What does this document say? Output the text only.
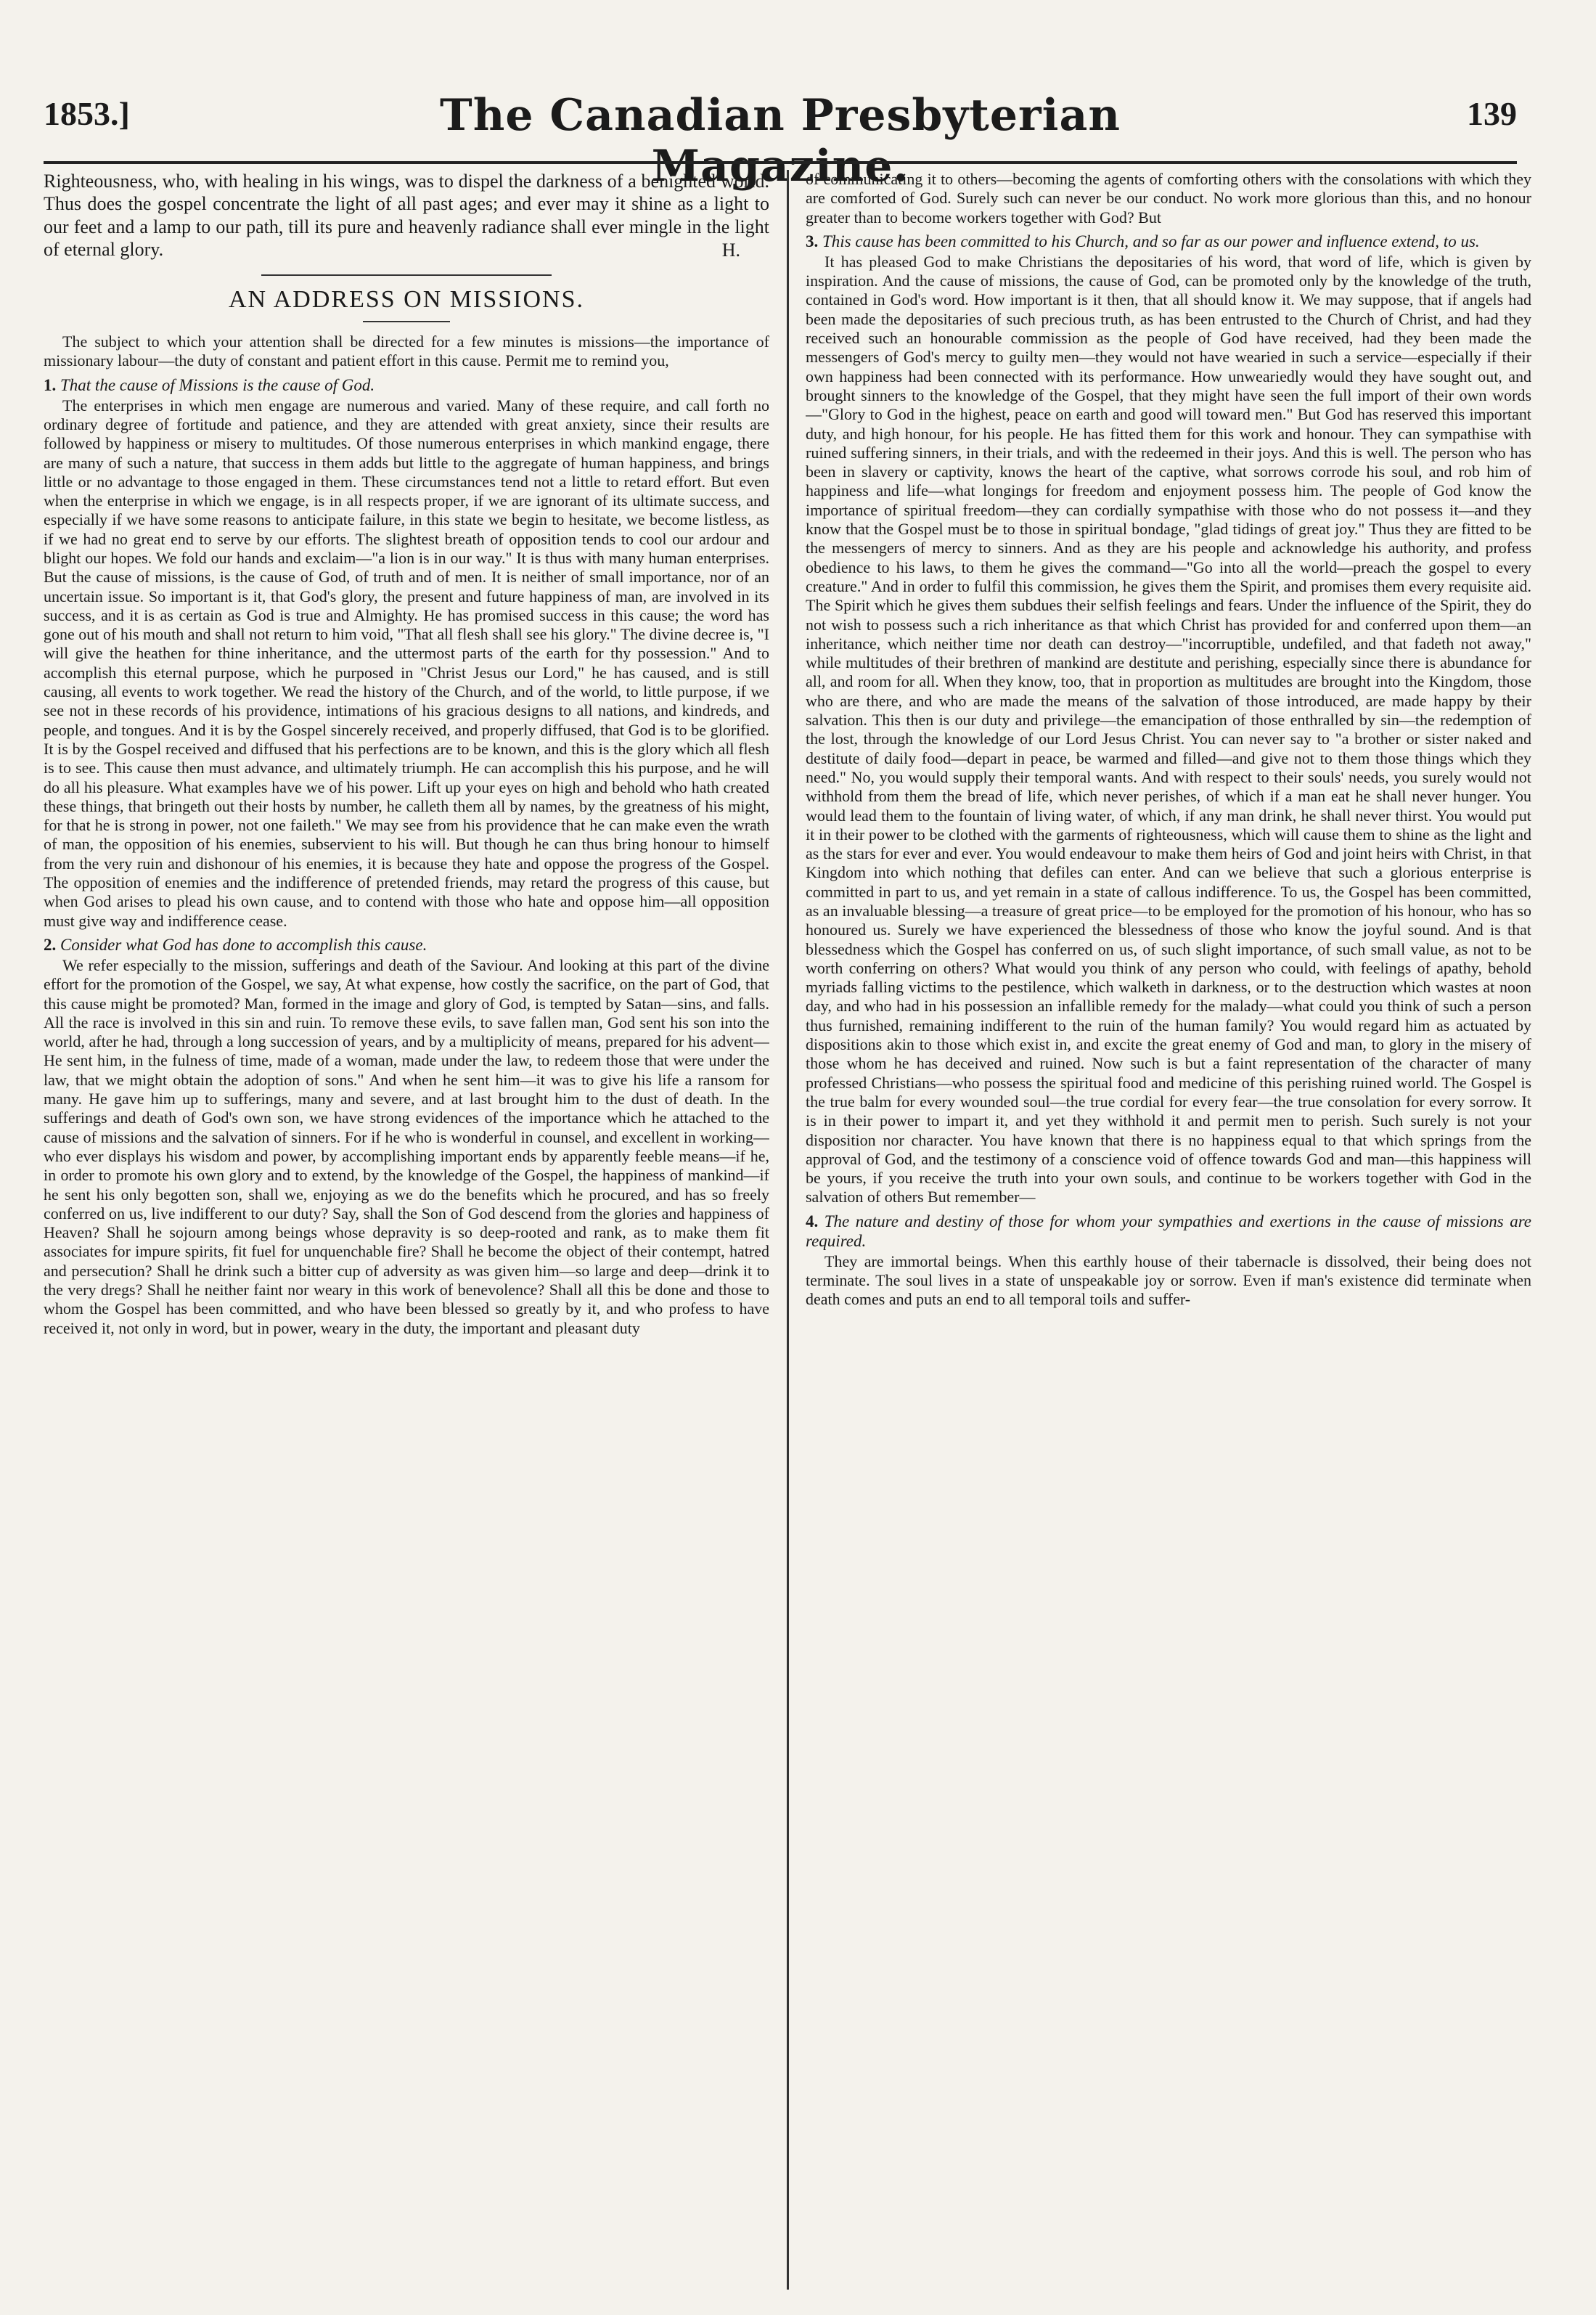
1853.]	The Canadian Presbyterian Magazine.
139

Righteousness, who, with healing in his wings, was to dispel the darkness of a benighted world. Thus does the gospel concentrate the light of all past ages; and ever may it shine as a light to our feet and a lamp to our path, till its pure and heavenly radiance shall ever mingle in the light of eternal glory.	H.

AN ADDRESS ON MISSIONS.

The subject to which your attention shall be directed for a few minutes is missions—the importance of missionary labour—the duty of constant and patient effort in this cause. Permit me to remind you,

1. That the cause of Missions is the cause of God.

The enterprises in which men engage are numerous and varied. Many of these require, and call forth no ordinary degree of fortitude and patience, and they are attended with great anxiety, since their results are followed by happiness or misery to multitudes. Of those numerous enterprises in which mankind engage, there are many of such a nature, that success in them adds but little to the aggregate of human happiness, and brings little or no advantage to those engaged in them. These circumstances tend not a little to retard effort. But even when the enterprise in which we engage, is in all respects proper, if we are ignorant of its ultimate success, and especially if we have some reasons to anticipate failure, in this state we begin to hesitate, we become listless, as if we had no great end to serve by our efforts. The slightest breath of opposition tends to cool our ardour and blight our hopes. We fold our hands and exclaim—"a lion is in our way." It is thus with many human enterprises. But the cause of missions, is the cause of God, of truth and of men. It is neither of small importance, nor of an uncertain issue. So important is it, that God's glory, the present and future happiness of man, are involved in its success, and it is as certain as God is true and Almighty. He has promised success in this cause; the word has gone out of his mouth and shall not return to him void, "That all flesh shall see his glory." The divine decree is, "I will give the heathen for thine inheritance, and the uttermost parts of the earth for thy possession." And to accomplish this eternal purpose, which he purposed in "Christ Jesus our Lord," he has caused, and is still causing, all events to work together. We read the history of the Church, and of the world, to little purpose, if we see not in these records of his providence, intimations of his gracious designs to all nations, and kindreds, and people, and tongues. And it is by the Gospel sincerely received, and properly diffused, that God is to be glorified. It is by the Gospel received and diffused that his perfections are to be known, and this is the glory which all flesh is to see. This cause then must advance, and ultimately triumph. He can accomplish this his purpose, and he will do all his pleasure. What examples have we of his power. Lift up your eyes on high and behold who hath created these things, that bringeth out their hosts by number, he calleth them all by names, by the greatness of his might, for that he is strong in power, not one faileth." We may see from his providence that he can make even the wrath of man, the opposition of his enemies, subservient to his will. But though he can thus bring honour to himself from the very ruin and dishonour of his enemies, it is because they hate and oppose the progress of the Gospel. The opposition of enemies and the indifference of pretended friends, may retard the progress of this cause, but when God arises to plead his own cause, and to contend with those who hate and oppose him—all opposition must give way and indifference cease.

2. Consider what God has done to accomplish this cause.

We refer especially to the mission, sufferings and death of the Saviour. And looking at this part of the divine effort for the promotion of the Gospel, we say, At what expense, how costly the sacrifice, on the part of God, that this cause might be promoted? Man, formed in the image and glory of God, is tempted by Satan—sins, and falls. All the race is involved in this sin and ruin. To remove these evils, to save fallen man, God sent his son into the world, after he had, through a long succession of years, and by a multiplicity of means, prepared for his advent—He sent him, in the fulness of time, made of a woman, made under the law, to redeem those that were under the law, that we might obtain the adoption of sons." And when he sent him—it was to give his life a ransom for many. He gave him up to sufferings, many and severe, and at last brought him to the dust of death. In the sufferings and death of God's own son, we have strong evidences of the importance which he attached to the cause of missions and the salvation of sinners. For if he who is wonderful in counsel, and excellent in working—who ever displays his wisdom and power, by accomplishing important ends by apparently feeble means—if he, in order to promote his own glory and to extend, by the knowledge of the Gospel, the happiness of mankind—if he sent his only begotten son, shall we, enjoying as we do the benefits which he procured, and has so freely conferred on us, live indifferent to our duty? Say, shall the Son of God descend from the glories and happiness of Heaven? Shall he sojourn among beings whose depravity is so deep-rooted and rank, as to make them fit associates for impure spirits, fit fuel for unquenchable fire? Shall he become the object of their contempt, hatred and persecution? Shall he drink such a bitter cup of adversity as was given him—so large and deep—drink it to the very dregs? Shall he neither faint nor weary in this work of benevolence? Shall all this be done and those to whom the Gospel has been committed, and who have been blessed so greatly by it, and who profess to have received it, not only in word, but in power, weary in the duty, the important and pleasant duty

of communicating it to others—becoming the agents of comforting others with the consolations with which they are comforted of God. Surely such can never be our conduct. No work more glorious than this, and no honour greater than to become workers together with God? But

3. This cause has been committed to his Church, and so far as our power and influence extend, to us.

It has pleased God to make Christians the depositaries of his word, that word of life, which is given by inspiration. And the cause of missions, the cause of God, can be promoted only by the knowledge of the truth, contained in God's word. How important is it then, that all should know it. We may suppose, that if angels had been made the depositaries of such precious truth, as has been entrusted to the Church of Christ, and had they received such an honourable commission as the people of God have received, had they been made the messengers of God's mercy to guilty men—they would not have wearied in such a service—especially if their own happiness had been connected with its performance. How unweariedly would they have sought out, and brought sinners to the knowledge of the Gospel, that they might have seen the full import of their own words—"Glory to God in the highest, peace on earth and good will toward men." But God has reserved this important duty, and high honour, for his people. He has fitted them for this work and honour. They can sympathise with ruined suffering sinners, in their trials, and with the redeemed in their joys. And this is well. The person who has been in slavery or captivity, knows the heart of the captive, what sorrows corrode his soul, and rob him of happiness and life—what longings for freedom and enjoyment possess him. The people of God know the importance of spiritual freedom—they can cordially sympathise with those who do not possess it—and they know that the Gospel must be to those in spiritual bondage, "glad tidings of great joy." Thus they are fitted to be the messengers of mercy to sinners. And as they are his people and acknowledge his authority, and profess obedience to his laws, to them he gives the command—"Go into all the world—preach the gospel to every creature." And in order to fulfil this commission, he gives them the Spirit, and promises them every requisite aid. The Spirit which he gives them subdues their selfish feelings and fears. Under the influence of the Spirit, they do not wish to possess such a rich inheritance as that which Christ has provided for and conferred upon them—an inheritance, which neither time nor death can destroy—"incorruptible, undefiled, and that fadeth not away," while multitudes of their brethren of mankind are destitute and perishing, especially since there is abundance for all, and room for all. When they know, too, that in proportion as multitudes are brought into the Kingdom, those who are there, and who are made the means of the salvation of those introduced, are made happy by their salvation. This then is our duty and privilege—the emancipation of those enthralled by sin—the redemption of the lost, through the knowledge of our Lord Jesus Christ. You can never say to "a brother or sister naked and destitute of daily food—depart in peace, be warmed and filled—and give not to them those things which they need." No, you would supply their temporal wants. And with respect to their souls' needs, you surely would not withhold from them the bread of life, which never perishes, of which if a man eat he shall never hunger. You would lead them to the fountain of living water, of which, if any man drink, he shall never thirst. You would put it in their power to be clothed with the garments of righteousness, which will cause them to shine as the light and as the stars for ever and ever. You would endeavour to make them heirs of God and joint heirs with Christ, in that Kingdom into which nothing that defiles can enter. And can we believe that such a glorious enterprise is committed in part to us, and yet remain in a state of callous indifference. To us, the Gospel has been committed, as an invaluable blessing—a treasure of great price—to be employed for the promotion of his honour, who has so honoured us. Surely we have experienced the blessedness of those who know the joyful sound. And is that blessedness which the Gospel has conferred on us, of such slight importance, of such small value, as not to be worth conferring on others? What would you think of any person who could, with feelings of apathy, behold myriads falling victims to the pestilence, which walketh in darkness, or to the destruction which wastes at noon day, and who had in his possession an infallible remedy for the malady—what could you think of such a person thus furnished, remaining indifferent to the ruin of the human family? You would regard him as actuated by dispositions akin to those which exist in, and excite the great enemy of God and man, to glory in the misery of those whom he has deceived and ruined. Now such is but a faint representation of the character of many professed Christians—who possess the spiritual food and medicine of this perishing ruined world. The Gospel is the true balm for every wounded soul—the true cordial for every fear—the true consolation for every sorrow. It is in their power to impart it, and yet they withhold it and permit men to perish. Such surely is not your disposition nor character. You have known that there is no happiness equal to that which springs from the approval of God, and the testimony of a conscience void of offence towards God and man—this happiness will be yours, if you receive the truth into your own souls, and continue to be workers together with God in the salvation of others But remember—

4. The nature and destiny of those for whom your sympathies and exertions in the cause of missions are required.

They are immortal beings. When this earthly house of their tabernacle is dissolved, their being does not terminate. The soul lives in a state of unspeakable joy or sorrow. Even if man's existence did terminate when death comes and puts an end to all temporal toils and suffer-
